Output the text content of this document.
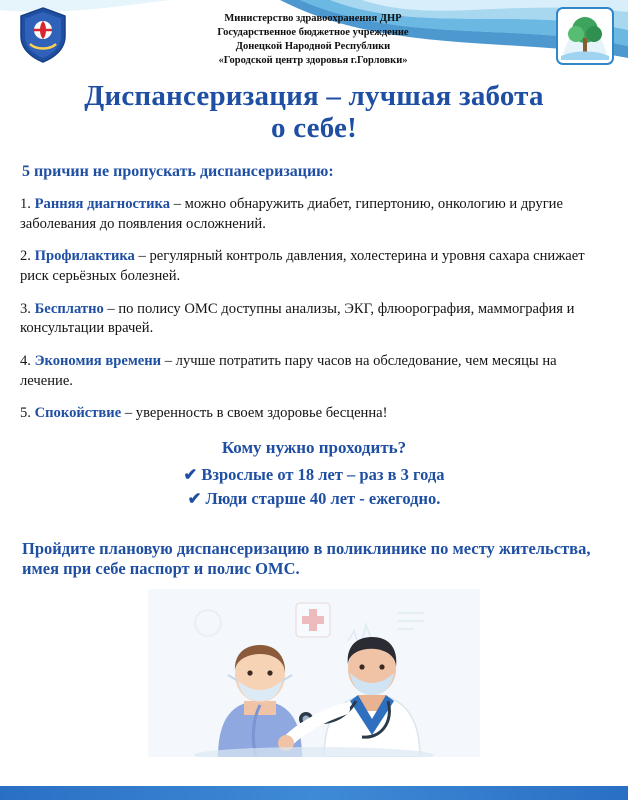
Министерство здравоохранения ДНР
Государственное бюджетное учреждение
Донецкой Народной Республики
«Городской центр здоровья г.Горловки»
Диспансеризация – лучшая забота
о себе!
5 причин не пропускать диспансеризацию:
1. Ранняя диагностика – можно обнаружить диабет, гипертонию, онкологию и другие заболевания до появления осложнений.
2. Профилактика – регулярный контроль давления, холестерина и уровня сахара снижает риск серьёзных болезней.
3. Бесплатно – по полису ОМС доступны анализы, ЭКГ, флюорография, маммография и консультации врачей.
4. Экономия времени – лучше потратить пару часов на обследование, чем месяцы на лечение.
5. Спокойствие – уверенность в своем здоровье бесценна!
Кому нужно проходить?
✔ Взрослые от 18 лет – раз в 3 года
✔ Люди старше 40 лет - ежегодно.
Пройдите плановую диспансеризацию в поликлинике по месту жительства, имея при себе паспорт и полис ОМС.
